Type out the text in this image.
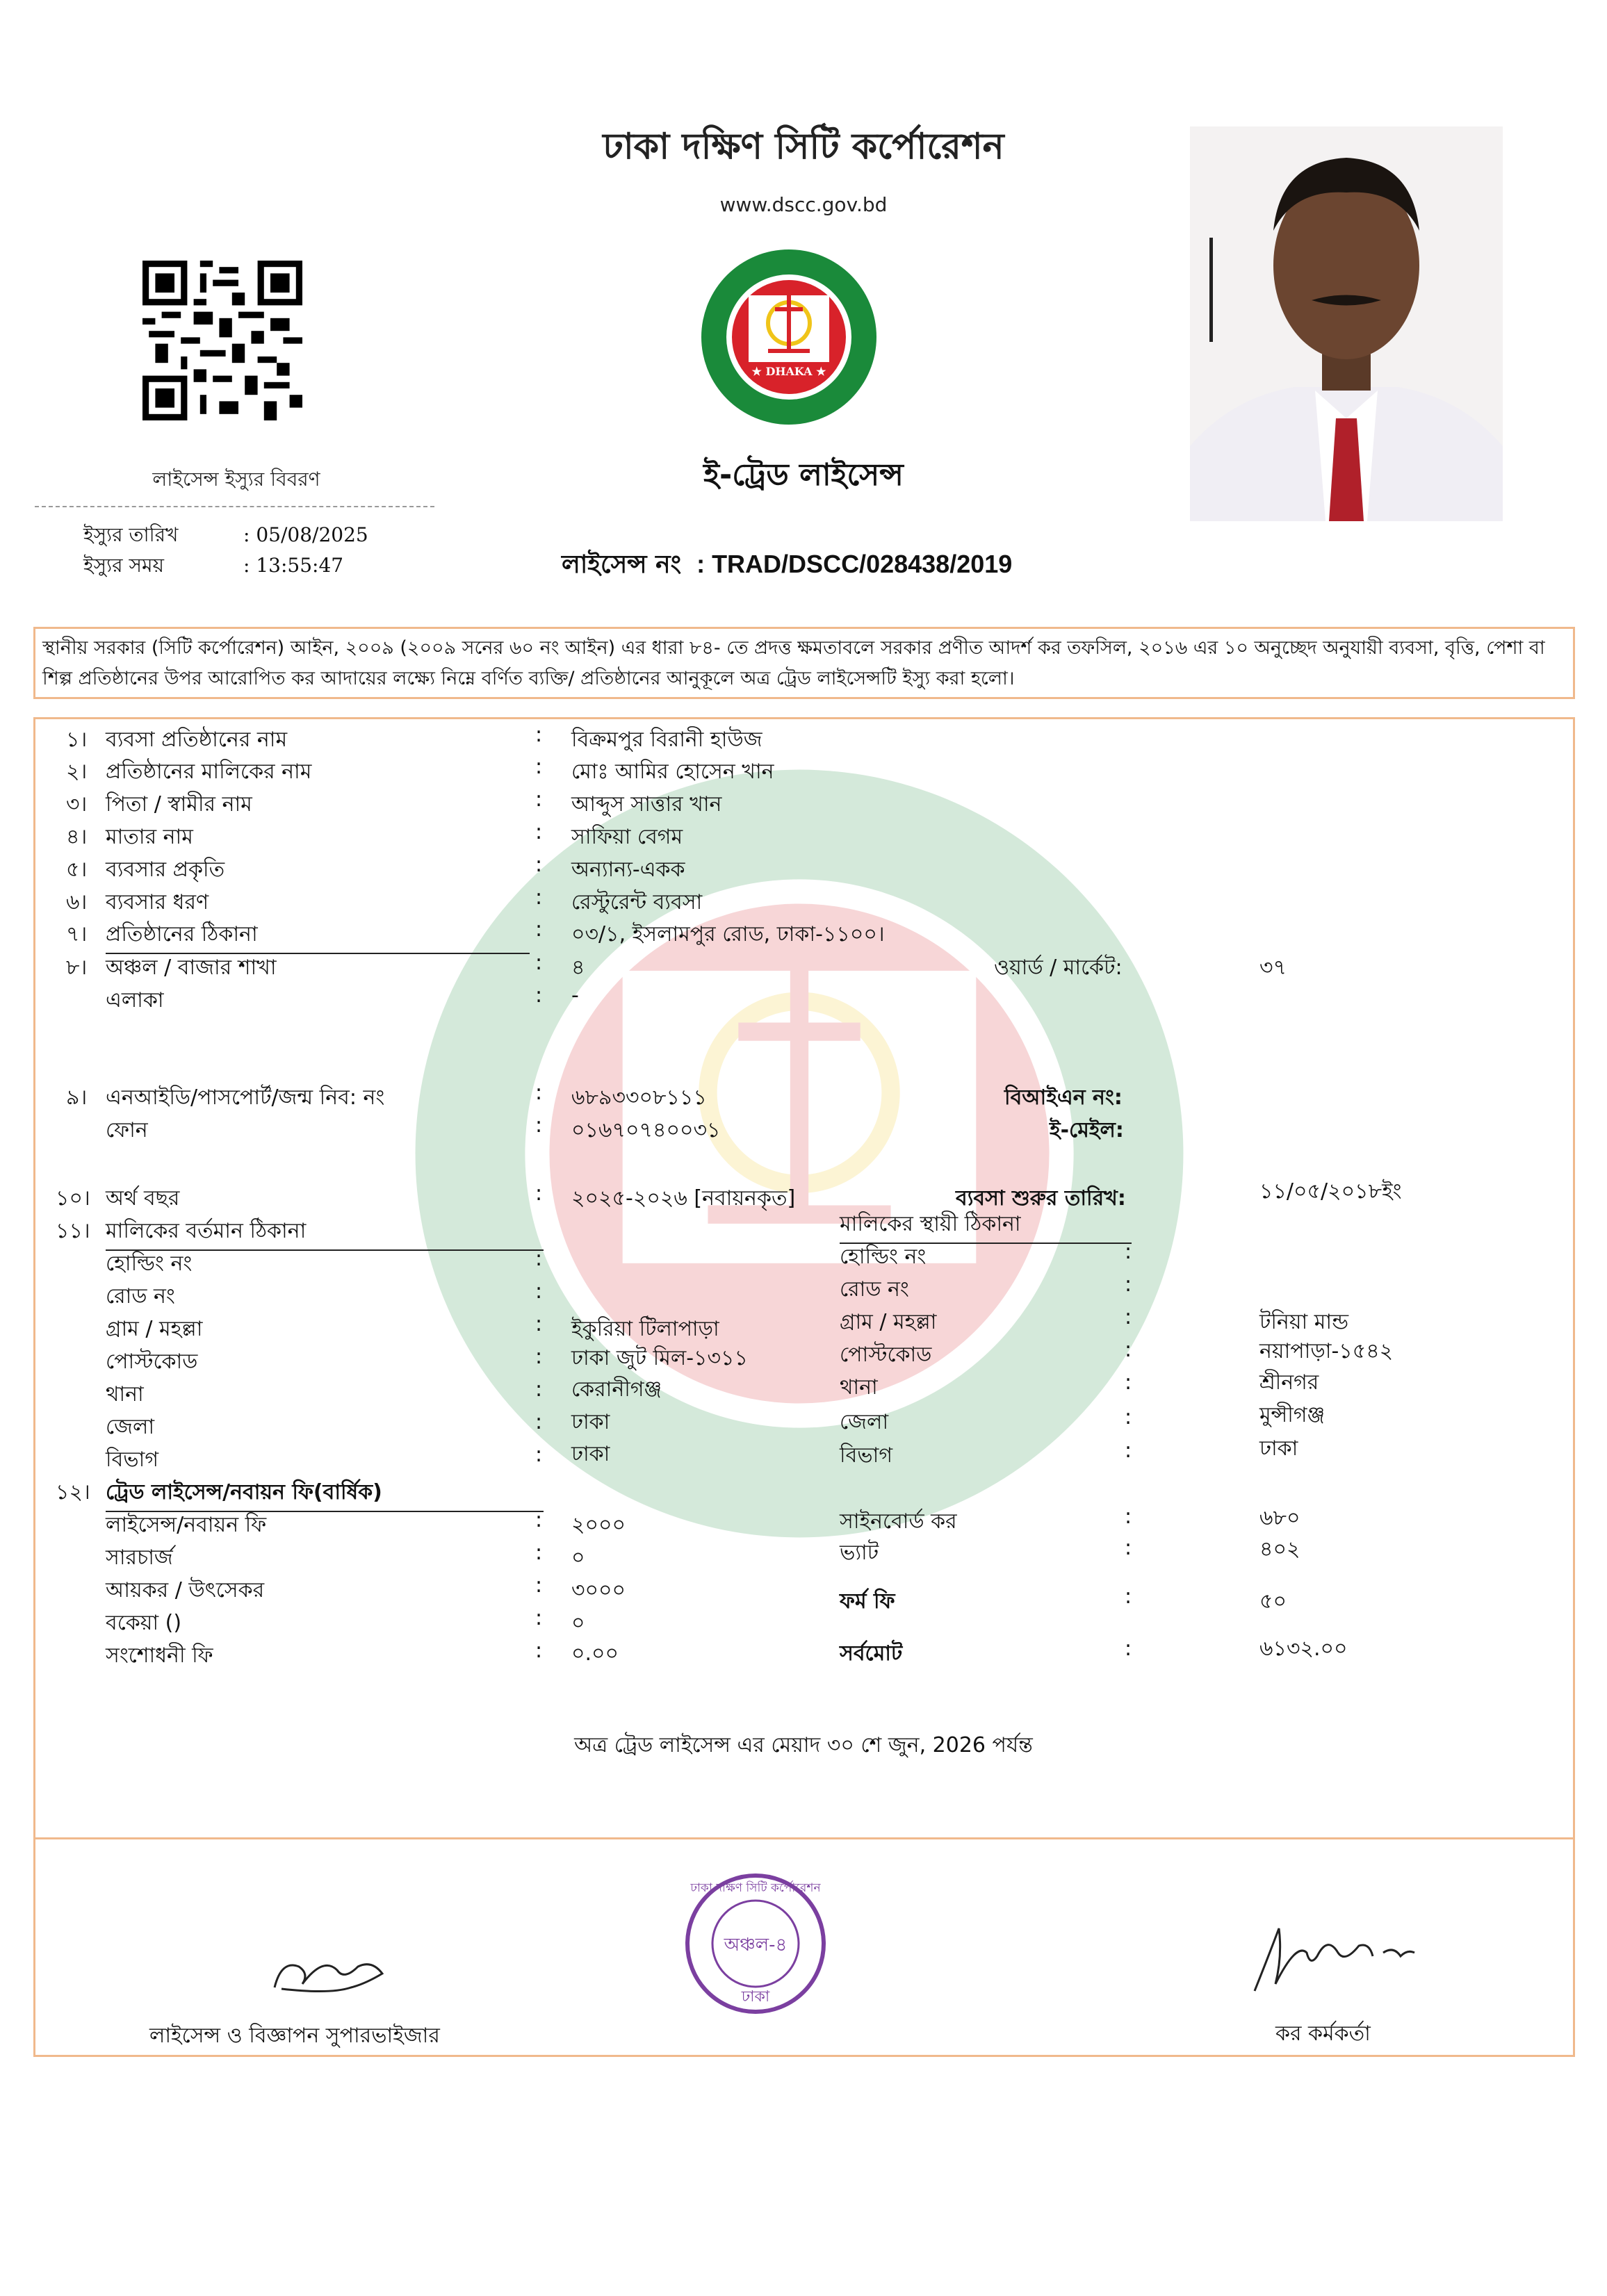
ঢাকা দক্ষিণ সিটি কর্পোরেশন
www.dscc.gov.bd
★ DHAKA ★
লাইসেন্স ইস্যুর বিবরণ
ইস্যুর তারিখ	: 05/08/2025
ইস্যুর সময়	: 13:55:47
ই-ট্রেড লাইসেন্স
লাইসেন্স নং : TRAD/DSCC/028438/2019
স্থানীয় সরকার (সিটি কর্পোরেশন) আইন, ২০০৯ (২০০৯ সনের ৬০ নং আইন) এর ধারা ৮৪- তে প্রদত্ত ক্ষমতাবলে সরকার প্রণীত আদর্শ কর তফসিল, ২০১৬ এর ১০ অনুচ্ছেদ অনুযায়ী ব্যবসা, বৃত্তি, পেশা বা শিল্প প্রতিষ্ঠানের উপর আরোপিত কর আদায়ের লক্ষ্যে নিম্নে বর্ণিত ব্যক্তি/ প্রতিষ্ঠানের আনুকূলে অত্র ট্রেড লাইসেন্সটি ইস্যু করা হলো।
১। ব্যবসা প্রতিষ্ঠানের নাম	: বিক্রমপুর বিরানী হাউজ
২। প্রতিষ্ঠানের মালিকের নাম	: মোঃ আমির হোসেন খান
৩। পিতা / স্বামীর নাম	: আব্দুস সাত্তার খান
৪। মাতার নাম	: সাফিয়া বেগম
৫। ব্যবসার প্রকৃতি	: অন্যান্য-একক
৬। ব্যবসার ধরণ	: রেস্টুরেন্ট ব্যবসা
৭। প্রতিষ্ঠানের ঠিকানা	: ০৩/১, ইসলামপুর রোড, ঢাকা-১১০০।
৮। অঞ্চল / বাজার শাখা	: ৪	ওয়ার্ড / মার্কেট:	৩৭
এলাকা	: -
৯। এনআইডি/পাসপোর্ট/জন্ম নিব: নং	: ৬৮৯৩৩০৮১১১	বিআইএন নং:
ফোন	: ০১৬৭০৭৪০০৩১	ই-মেইল:
১০। অর্থ বছর	: ২০২৫-২০২৬ [নবায়নকৃত]	ব্যবসা শুরুর তারিখ:	১১/০৫/২০১৮ইং
১১। মালিকের বর্তমান ঠিকানা	মালিকের স্থায়ী ঠিকানা
হোল্ডিং নং	:	হোল্ডিং নং	:
রোড নং	:	রোড নং	:
গ্রাম / মহল্লা	: ইকুরিয়া টিলাপাড়া	গ্রাম / মহল্লা	:	টনিয়া মান্ড
পোস্টকোড	: ঢাকা জুট মিল-১৩১১	পোস্টকোড	:	নয়াপাড়া-১৫৪২
থানা	: কেরানীগঞ্জ	থানা	:	শ্রীনগর
জেলা	: ঢাকা	জেলা	:	মুন্সীগঞ্জ
বিভাগ	: ঢাকা	বিভাগ	:	ঢাকা
১২। ট্রেড লাইসেন্স/নবায়ন ফি(বার্ষিক)
লাইসেন্স/নবায়ন ফি	: ২০০০	সাইনবোর্ড কর	:	৬৮০
সারচার্জ	: ০	ভ্যাট	:	৪০২
আয়কর / উৎসেকর	: ৩০০০	ফর্ম ফি	:	৫০
বকেয়া ()	: ০
সংশোধনী ফি	: ০.০০	সর্বমোট	:	৬১৩২.০০
অত্র ট্রেড লাইসেন্স এর মেয়াদ ৩০ শে জুন, 2026 পর্যন্ত
অঞ্চল-৪
ঢাকা
ঢাকা দক্ষিণ সিটি কর্পোরেশন
লাইসেন্স ও বিজ্ঞাপন সুপারভাইজার	কর কর্মকর্তা
